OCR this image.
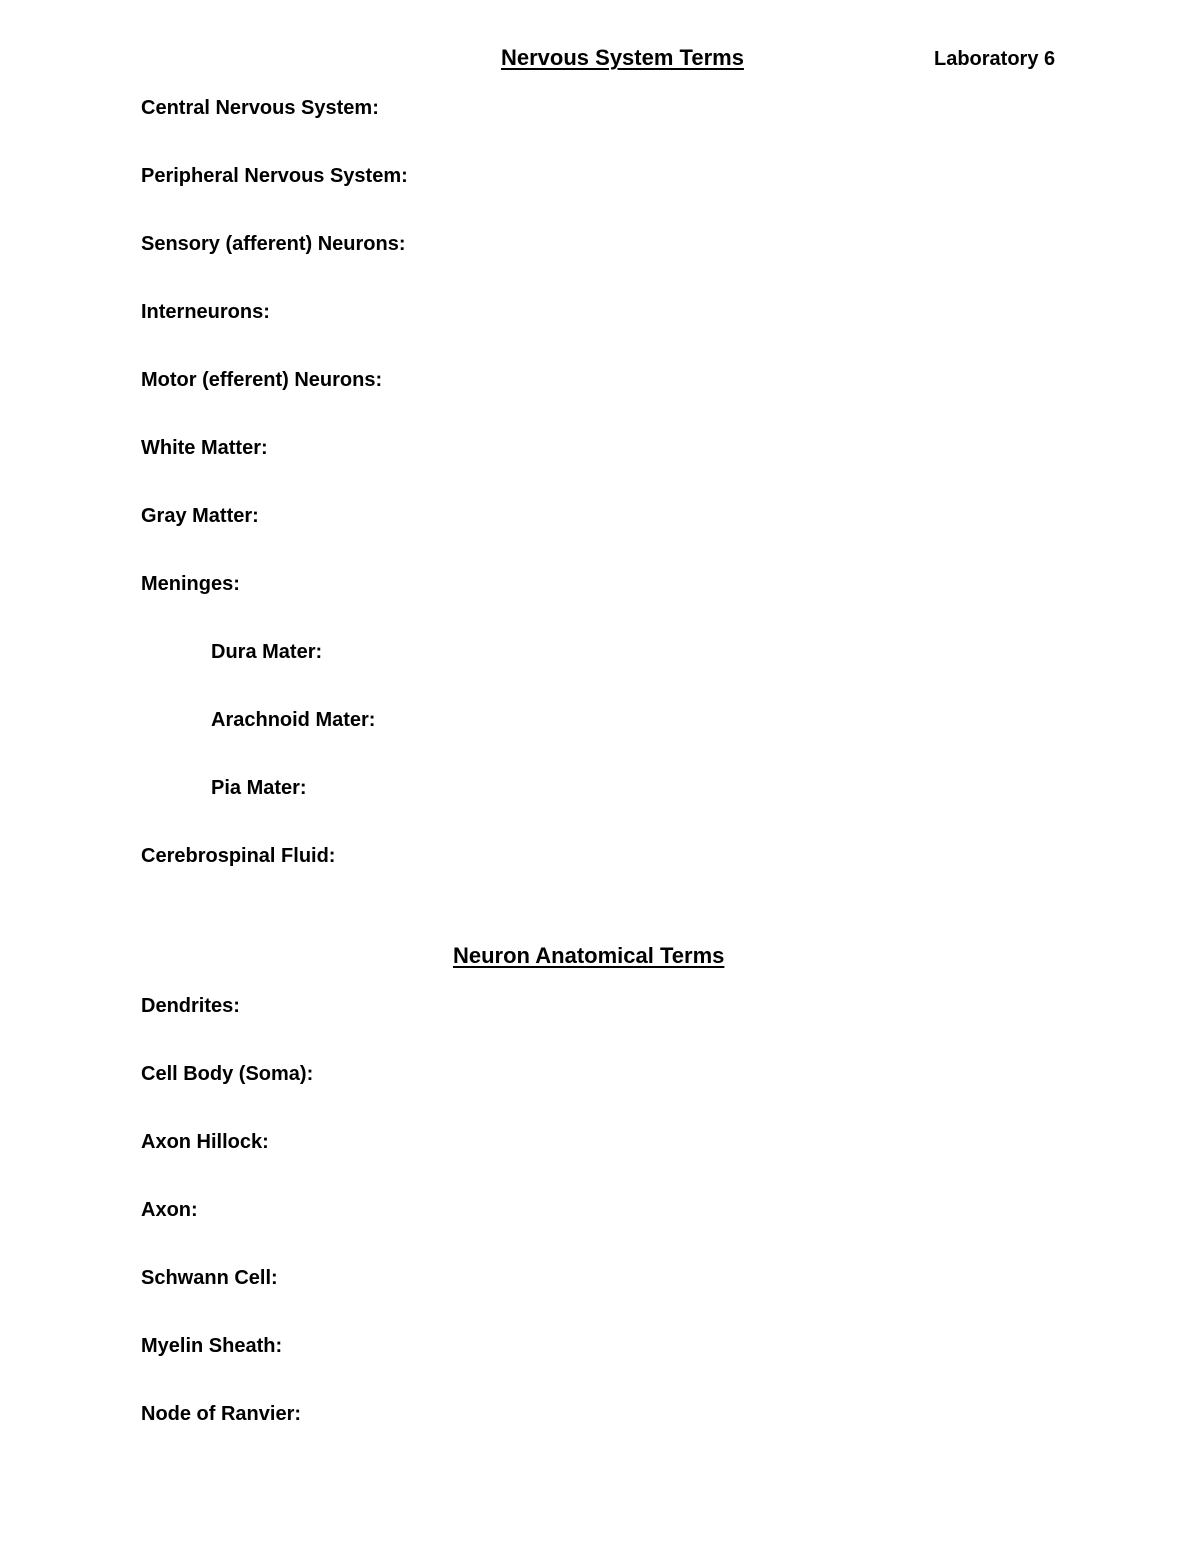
Nervous System Terms	Laboratory 6
Central Nervous System:
Peripheral Nervous System:
Sensory (afferent) Neurons:
Interneurons:
Motor (efferent) Neurons:
White Matter:
Gray Matter:
Meninges:
Dura Mater:
Arachnoid Mater:
Pia Mater:
Cerebrospinal Fluid:
Neuron Anatomical Terms
Dendrites:
Cell Body (Soma):
Axon Hillock:
Axon:
Schwann Cell:
Myelin Sheath:
Node of Ranvier:
